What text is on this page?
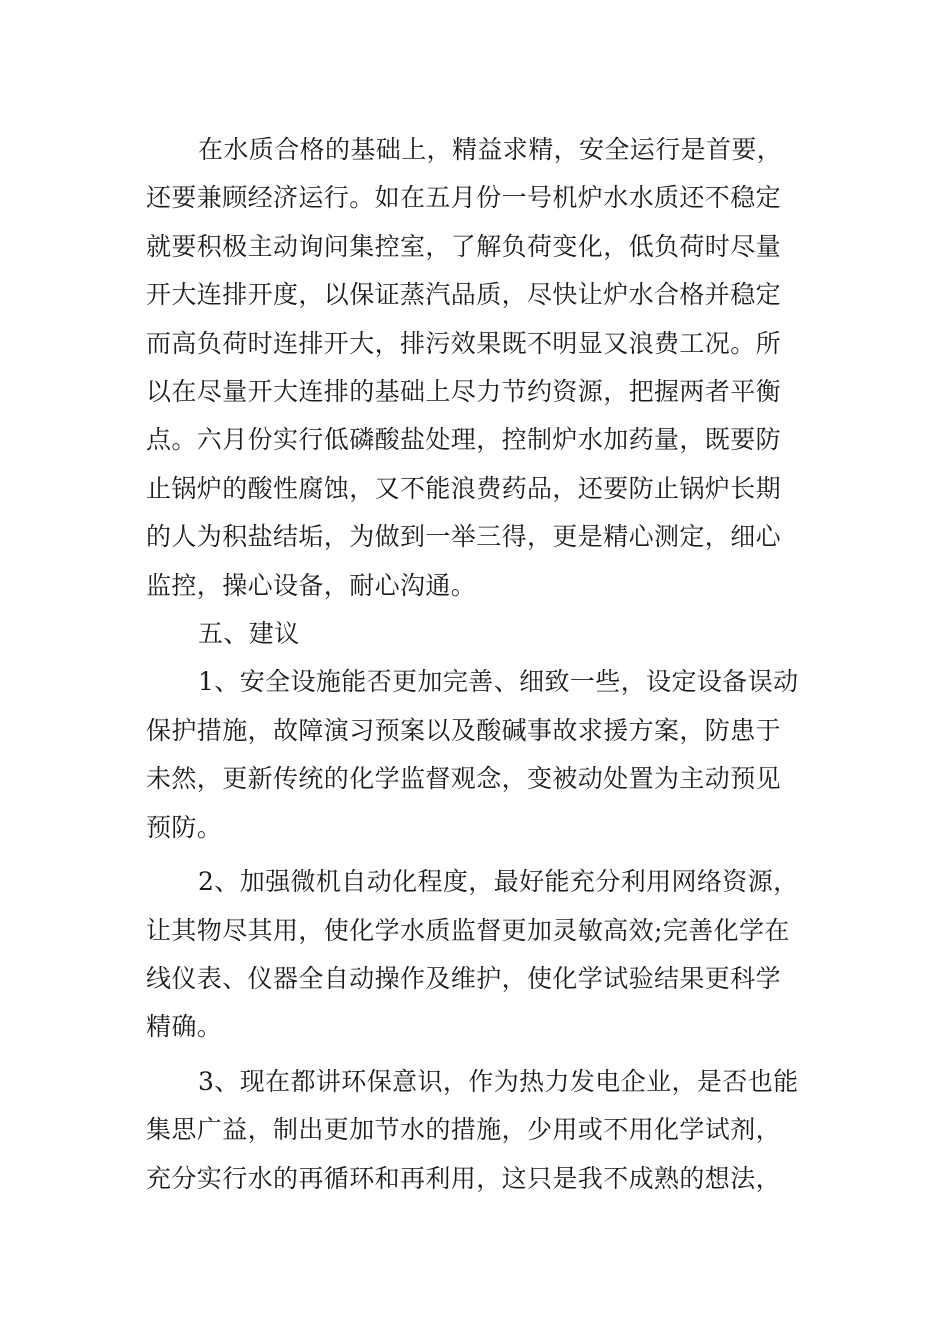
在水质合格的基础上，精益求精，安全运行是首要，
还要兼顾经济运行。如在五月份一号机炉水水质还不稳定
就要积极主动询问集控室，了解负荷变化，低负荷时尽量
开大连排开度，以保证蒸汽品质，尽快让炉水合格并稳定
而高负荷时连排开大，排污效果既不明显又浪费工况。所
以在尽量开大连排的基础上尽力节约资源，把握两者平衡
点。六月份实行低磷酸盐处理，控制炉水加药量，既要防
止锅炉的酸性腐蚀，又不能浪费药品，还要防止锅炉长期
的人为积盐结垢，为做到一举三得，更是精心测定，细心
监控，操心设备，耐心沟通。

五、建议

1、安全设施能否更加完善、细致一些，设定设备误动
保护措施，故障演习预案以及酸碱事故求援方案，防患于
未然，更新传统的化学监督观念，变被动处置为主动预见
预防。

2、加强微机自动化程度，最好能充分利用网络资源，
让其物尽其用，使化学水质监督更加灵敏高效;完善化学在
线仪表、仪器全自动操作及维护，使化学试验结果更科学
精确。

3、现在都讲环保意识，作为热力发电企业，是否也能
集思广益，制出更加节水的措施，少用或不用化学试剂，
充分实行水的再循环和再利用，这只是我不成熟的想法，
